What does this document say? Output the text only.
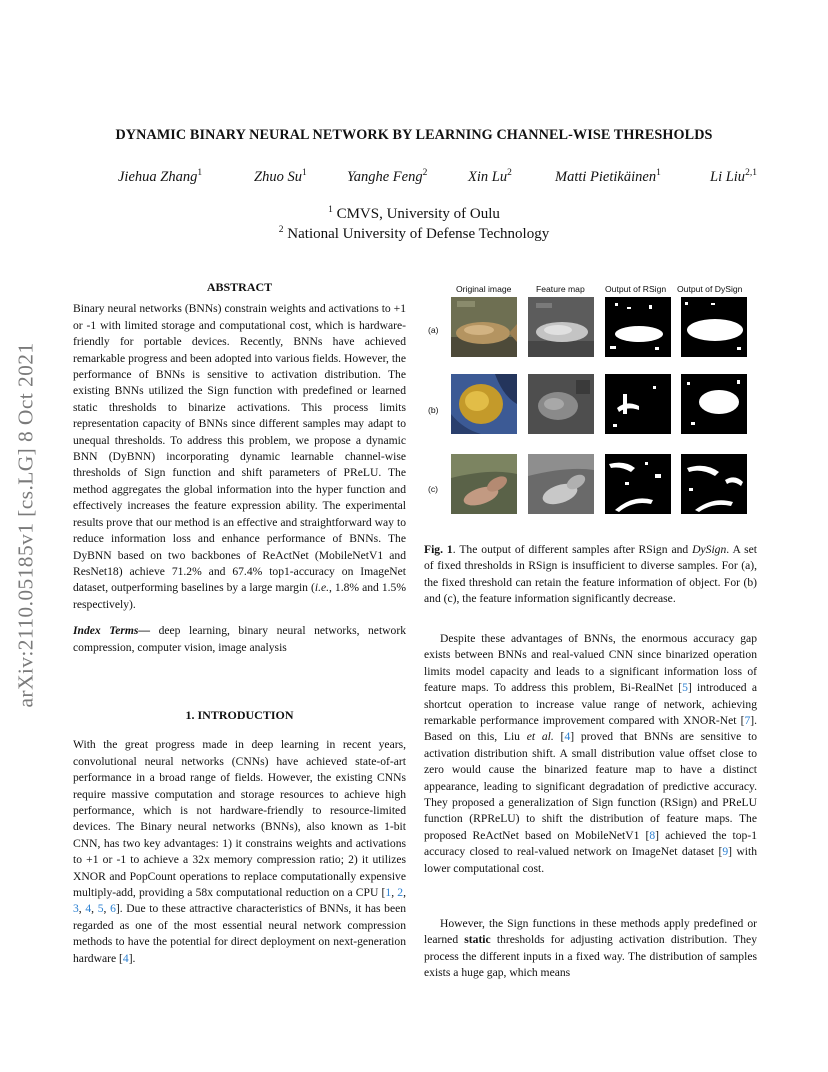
arXiv:2110.05185v1 [cs.LG] 8 Oct 2021
DYNAMIC BINARY NEURAL NETWORK BY LEARNING CHANNEL-WISE THRESHOLDS
Jiehua Zhang$^1$	Zhuo Su$^1$	Yanghe Feng$^2$	Xin Lu$^2$	Matti Pietikäinen$^1$	Li Liu$^{2,1}$
$^1$ CMVS, University of Oulu
$^2$ National University of Defense Technology
ABSTRACT

Binary neural networks (BNNs) constrain weights and activations to +1 or -1 with limited storage and computational cost, which is hardware-friendly for portable devices. Recently, BNNs have achieved remarkable progress and been adopted into various fields. However, the performance of BNNs is sensitive to activation distribution. The existing BNNs utilized the Sign function with predefined or learned static thresholds to binarize activations. This process limits representation capacity of BNNs since different samples may adapt to unequal thresholds. To address this problem, we propose a dynamic BNN (DyBNN) incorporating dynamic learnable channel-wise thresholds of Sign function and shift parameters of PReLU. The method aggregates the global information into the hyper function and effectively increases the feature expression ability. The experimental results prove that our method is an effective and straightforward way to reduce information loss and enhance performance of BNNs. The DyBNN based on two backbones of ReActNet (MobileNetV1 and ResNet18) achieve 71.2% and 67.4% top1-accuracy on ImageNet dataset, outperforming baselines by a large margin (i.e., 1.8% and 1.5% respectively).

Index Terms— deep learning, binary neural networks, network compression, computer vision, image analysis

1. INTRODUCTION

With the great progress made in deep learning in recent years, convolutional neural networks (CNNs) have achieved state-of-art performance in a broad range of fields. However, the existing CNNs require massive computation and storage resources to achieve high performance, which is not hardware-friendly to resource-limited devices. The Binary neural networks (BNNs), also known as 1-bit CNN, has two key advantages: 1) it constrains weights and activations to +1 or -1 to achieve a 32x memory compression ratio; 2) it utilizes XNOR and PopCount operations to replace computationally expensive multiply-add, providing a 58x computational reduction on a CPU [1, 2, 3, 4, 5, 6]. Due to these attractive characteristics of BNNs, it has been regarded as one of the most essential neural network compression methods to have the potential for direct deployment on next-generation hardware [4].

Original image	Feature map Output of RSign Output of DySign
(a)
(b)
(c)

Fig. 1. The output of different samples after RSign and DySign. A set of fixed thresholds in RSign is insufficient to diverse samples. For (a), the fixed threshold can retain the feature information of object. For (b) and (c), the feature information significantly decrease.

Despite these advantages of BNNs, the enormous accuracy gap exists between BNNs and real-valued CNN since binarized operation limits model capacity and leads to a significant information loss of feature maps. To address this problem, Bi-RealNet [5] introduced a shortcut operation to increase value range of network, achieving remarkable performance improvement compared with XNOR-Net [7]. Based on this, Liu et al. [4] proved that BNNs are sensitive to activation distribution shift. A small distribution value offset close to zero would cause the binarized feature map to have a distinct appearance, leading to significant degradation of predictive accuracy. They proposed a generalization of Sign function (RSign) and PReLU function (RPReLU) to shift the distribution of feature maps. The proposed ReActNet based on MobileNetV1 [8] achieved the top-1 accuracy closed to real-valued network on ImageNet dataset [9] with lower computational cost.

However, the Sign functions in these methods apply predefined or learned static thresholds for adjusting activation distribution. They process the different inputs in a fixed way. The distribution of samples exists a huge gap, which means
